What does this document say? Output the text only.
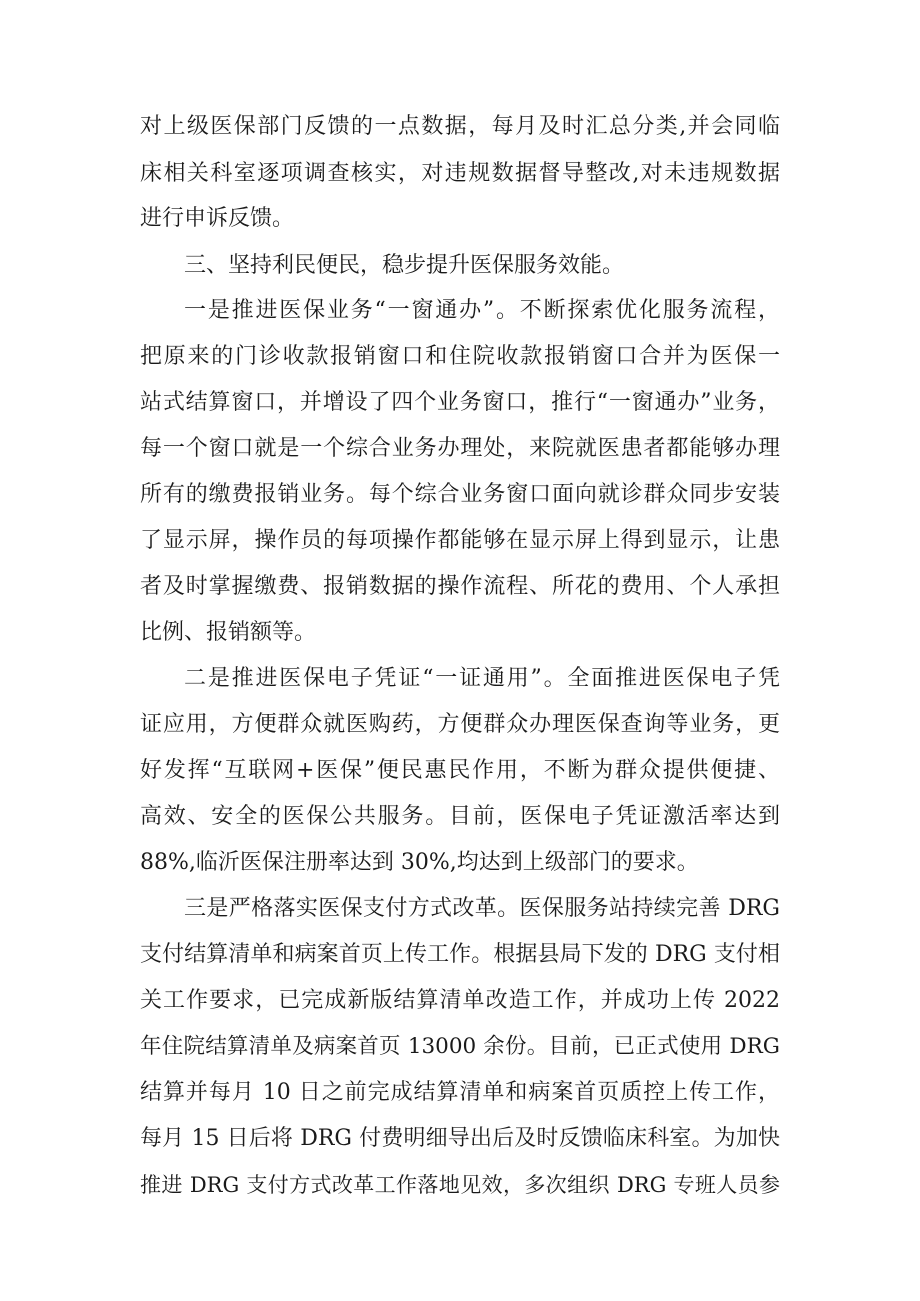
对上级医保部门反馈的一点数据，每月及时汇总分类,并会同临
床相关科室逐项调查核实，对违规数据督导整改,对未违规数据
进行申诉反馈。
三、坚持利民便民，稳步提升医保服务效能。
一是推进医保业务“一窗通办”。不断探索优化服务流程，
把原来的门诊收款报销窗口和住院收款报销窗口合并为医保一
站式结算窗口，并增设了四个业务窗口，推行“一窗通办”业务，
每一个窗口就是一个综合业务办理处，来院就医患者都能够办理
所有的缴费报销业务。每个综合业务窗口面向就诊群众同步安装
了显示屏，操作员的每项操作都能够在显示屏上得到显示，让患
者及时掌握缴费、报销数据的操作流程、所花的费用、个人承担
比例、报销额等。
二是推进医保电子凭证“一证通用”。全面推进医保电子凭
证应用，方便群众就医购药，方便群众办理医保查询等业务，更
好发挥“互联网+医保”便民惠民作用，不断为群众提供便捷、
高效、安全的医保公共服务。目前，医保电子凭证激活率达到
88%,临沂医保注册率达到 30%,均达到上级部门的要求。
三是严格落实医保支付方式改革。医保服务站持续完善 DRG
支付结算清单和病案首页上传工作。根据县局下发的 DRG 支付相
关工作要求，已完成新版结算清单改造工作，并成功上传 2022
年住院结算清单及病案首页 13000 余份。目前，已正式使用 DRG
结算并每月 10 日之前完成结算清单和病案首页质控上传工作，
每月 15 日后将 DRG 付费明细导出后及时反馈临床科室。为加快
推进 DRG 支付方式改革工作落地见效，多次组织 DRG 专班人员参
